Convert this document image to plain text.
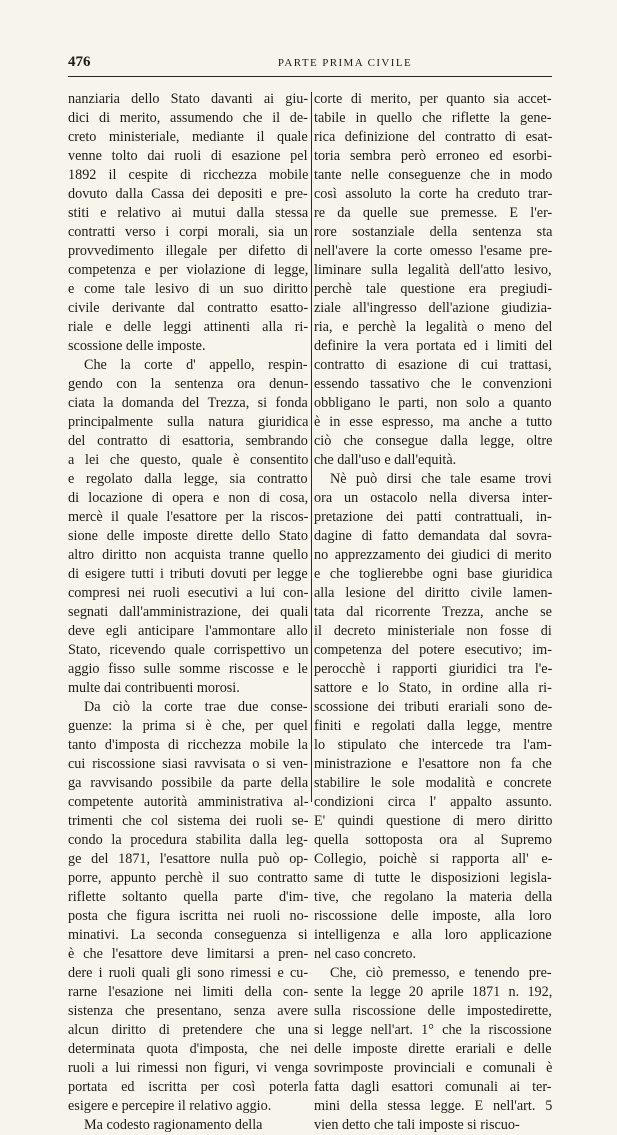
476	PARTE PRIMA CIVILE
nanziaria dello Stato davanti ai giu-
dici di merito, assumendo che il de-
creto ministeriale, mediante il quale
venne tolto dai ruoli di esazione pel
1892 il cespite di ricchezza mobile
dovuto dalla Cassa dei depositi e pre-
stiti e relativo ai mutui dalla stessa
contratti verso i corpi morali, sia un
provvedimento illegale per difetto di
competenza e per violazione di legge,
e come tale lesivo di un suo diritto
civile derivante dal contratto esatto-
riale e delle leggi attinenti alla ri-
scossione delle imposte.
Che la corte d' appello, respin-
gendo con la sentenza ora denun-
ciata la domanda del Trezza, si fonda
principalmente sulla natura giuridica
del contratto di esattoria, sembrando
a lei che questo, quale è consentito
e regolato dalla legge, sia contratto
di locazione di opera e non di cosa,
mercè il quale l'esattore per la riscos-
sione delle imposte dirette dello Stato
altro diritto non acquista tranne quello
di esigere tutti i tributi dovuti per legge
compresi nei ruoli esecutivi a lui con-
segnati dall'amministrazione, dei quali
deve egli anticipare l'ammontare allo
Stato, ricevendo quale corrispettivo un
aggio fisso sulle somme riscosse e le
multe dai contribuenti morosi.
Da ciò la corte trae due conse-
guenze: la prima si è che, per quel
tanto d'imposta di ricchezza mobile la
cui riscossione siasi ravvisata o si ven-
ga ravvisando possibile da parte della
competente autorità amministrativa al-
trimenti che col sistema dei ruoli se-
condo la procedura stabilita dalla leg-
ge del 1871, l'esattore nulla può op-
porre, appunto perchè il suo contratto
riflette soltanto quella parte d'im-
posta che figura iscritta nei ruoli no-
minativi. La seconda conseguenza si
è che l'esattore deve limitarsi a pren-
dere i ruoli quali gli sono rimessi e cu-
rarne l'esazione nei limiti della con-
sistenza che presentano, senza avere
alcun diritto di pretendere che una
determinata quota d'imposta, che nei
ruoli a lui rimessi non figuri, vi venga
portata ed iscritta per così poterla
esigere e percepire il relativo aggio.
Ma codesto ragionamento della
corte di merito, per quanto sia accet-
tabile in quello che riflette la gene-
rica definizione del contratto di esat-
toria sembra però erroneo ed esorbi-
tante nelle conseguenze che in modo
così assoluto la corte ha creduto trar-
re da quelle sue premesse. E l'er-
rore sostanziale della sentenza sta
nell'avere la corte omesso l'esame pre-
liminare sulla legalità dell'atto lesivo,
perchè tale questione era pregiudi-
ziale all'ingresso dell'azione giudizia-
ria, e perchè la legalità o meno del
definire la vera portata ed i limiti del
contratto di esazione di cui trattasi,
essendo tassativo che le convenzioni
obbligano le parti, non solo a quanto
è in esse espresso, ma anche a tutto
ciò che consegue dalla legge, oltre
che dall'uso e dall'equità.
Nè può dirsi che tale esame trovi
ora un ostacolo nella diversa inter-
pretazione dei patti contrattuali, in-
dagine di fatto demandata dal sovra-
no apprezzamento dei giudici di merito
e che toglierebbe ogni base giuridica
alla lesione del diritto civile lamen-
tata dal ricorrente Trezza, anche se
il decreto ministeriale non fosse di
competenza del potere esecutivo; im-
perocchè i rapporti giuridici tra l'e-
sattore e lo Stato, in ordine alla ri-
scossione dei tributi erariali sono de-
finiti e regolati dalla legge, mentre
lo stipulato che intercede tra l'am-
ministrazione e l'esattore non fa che
stabilire le sole modalità e concrete
condizioni circa l' appalto assunto.
E' quindi questione di mero diritto
quella sottoposta ora al Supremo
Collegio, poichè si rapporta all' e-
same di tutte le disposizioni legisla-
tive, che regolano la materia della
riscossione delle imposte, alla loro
intelligenza e alla loro applicazione
nel caso concreto.
Che, ciò premesso, e tenendo pre-
sente la legge 20 aprile 1871 n. 192,
sulla riscossione delle impostedirette,
si legge nell'art. 1° che la riscossione
delle imposte dirette erariali e delle
sovrimposte provinciali e comunali è
fatta dagli esattori comunali ai ter-
mini della stessa legge. E nell'art. 5
vien detto che tali imposte si riscuo-
